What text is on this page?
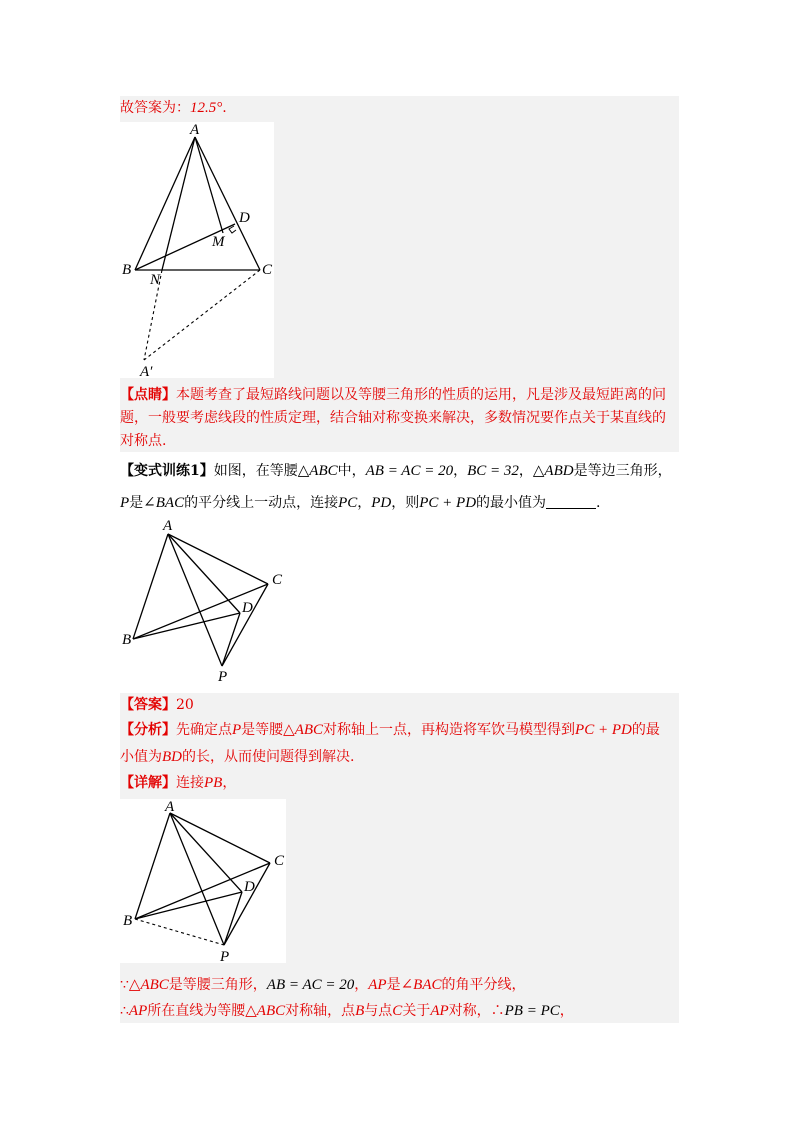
故答案为：12.5°.
A
B	C
D
M
N
A′
【点睛】本题考查了最短路线问题以及等腰三角形的性质的运用，凡是涉及最短距离的问
题，一般要考虑线段的性质定理，结合轴对称变换来解决，多数情况要作点关于某直线的
对称点.
【变式训练1】如图，在等腰△ABC中，AB = AC = 20，BC = 32，△ABD是等边三角形，
P是∠BAC的平分线上一动点，连接PC，PD，则PC + PD的最小值为	.
A
B
C
D
P
【答案】20
【分析】先确定点P是等腰△ABC对称轴上一点，再构造将军饮马模型得到PC + PD的最
小值为BD的长，从而使问题得到解决.
【详解】连接PB，
A
B
C
D
P
∵△ABC是等腰三角形，AB = AC = 20，AP是∠BAC的角平分线，
∴AP所在直线为等腰△ABC对称轴，点B与点C关于AP对称，∴PB = PC，
